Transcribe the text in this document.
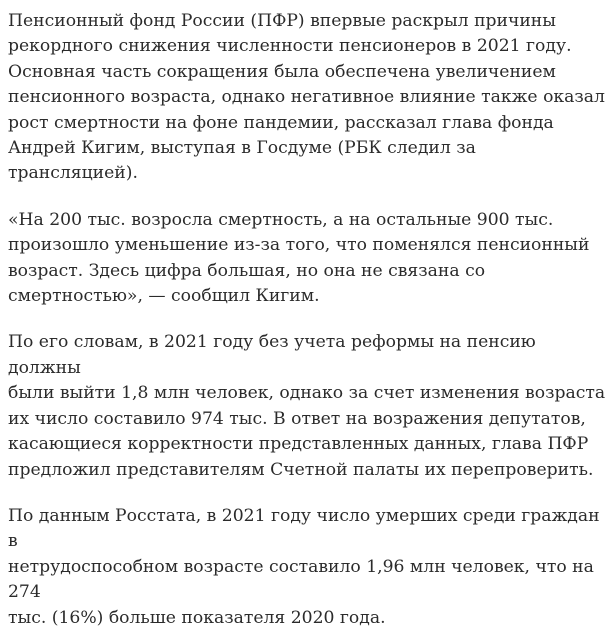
Пенсионный фонд России (ПФР) впервые раскрыл причины
рекордного снижения численности пенсионеров в 2021 году.
Основная часть сокращения была обеспечена увеличением
пенсионного возраста, однако негативное влияние также оказал
рост смертности на фоне пандемии, рассказал глава фонда
Андрей Кигим, выступая в Госдуме (РБК следил за трансляцией).

«На 200 тыс. возросла смертность, а на остальные 900 тыс.
произошло уменьшение из-за того, что поменялся пенсионный
возраст. Здесь цифра большая, но она не связана со
смертностью», — сообщил Кигим.

По его словам, в 2021 году без учета реформы на пенсию должны
были выйти 1,8 млн человек, однако за счет изменения возраста
их число составило 974 тыс. В ответ на возражения депутатов,
касающиеся корректности представленных данных, глава ПФР
предложил представителям Счетной палаты их перепроверить.

По данным Росстата, в 2021 году число умерших среди граждан в
нетрудоспособном возрасте составило 1,96 млн человек, что на 274
тыс. (16%) больше показателя 2020 года.
